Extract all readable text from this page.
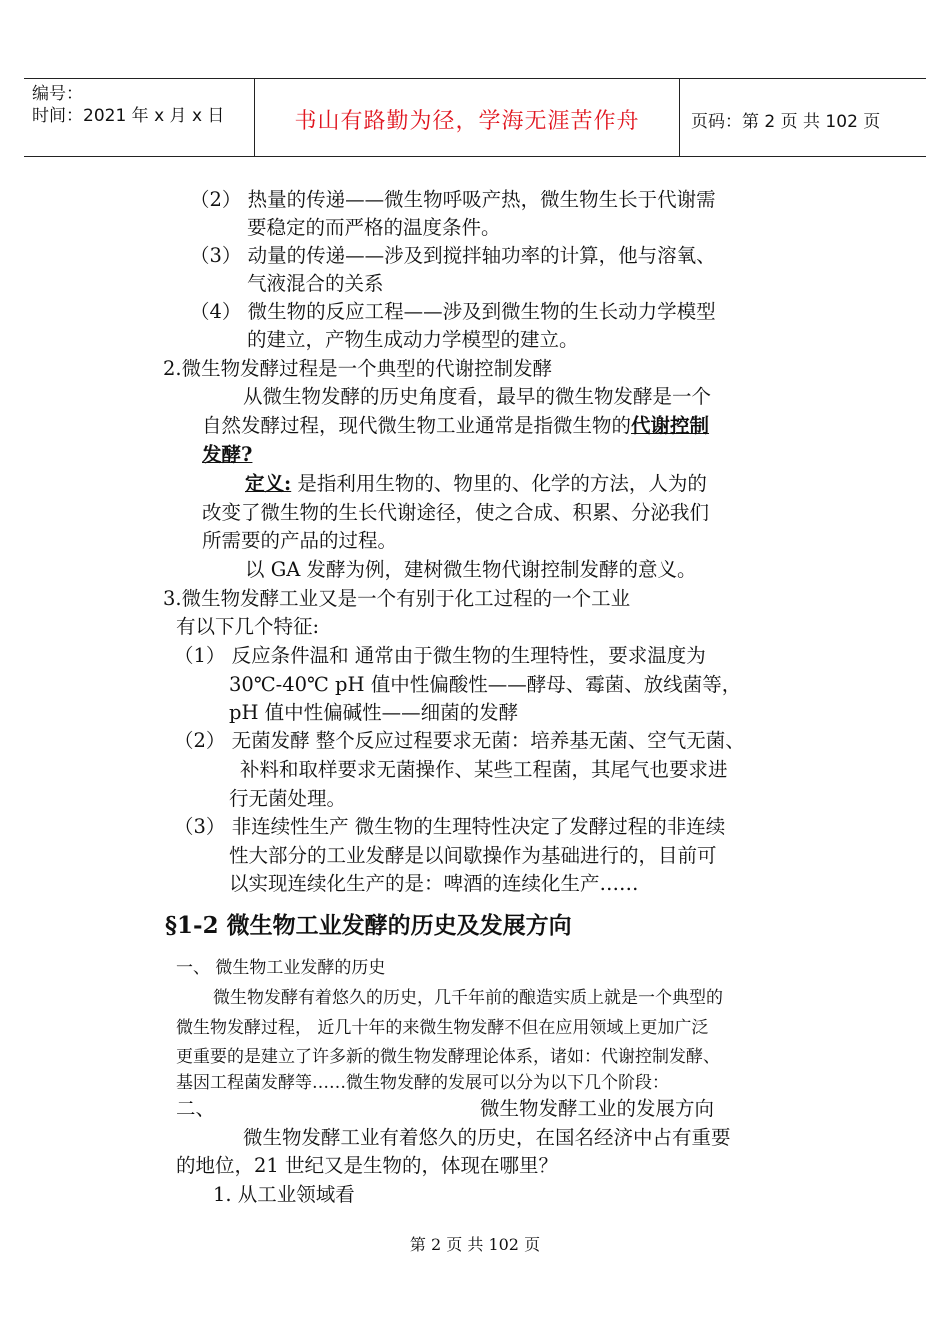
编号：
时间：2021 年 x 月 x 日	书山有路勤为径，学海无涯苦作舟	页码：第 2 页 共 102 页
（2） 热量的传递——微生物呼吸产热，微生物生长于代谢需
要稳定的而严格的温度条件。
（3） 动量的传递——涉及到搅拌轴功率的计算，他与溶氧、
气液混合的关系
（4） 微生物的反应工程——涉及到微生物的生长动力学模型
的建立，产物生成动力学模型的建立。
2.微生物发酵过程是一个典型的代谢控制发酵
从微生物发酵的历史角度看，最早的微生物发酵是一个
自然发酵过程，现代微生物工业通常是指微生物的代谢控制
发酵?
定义: 是指利用生物的、物里的、化学的方法，人为的
改变了微生物的生长代谢途径，使之合成、积累、分泌我们
所需要的产品的过程。
以 GA 发酵为例，建树微生物代谢控制发酵的意义。
3.微生物发酵工业又是一个有别于化工过程的一个工业
有以下几个特征:
（1） 反应条件温和 通常由于微生物的生理特性，要求温度为
30℃-40℃ pH 值中性偏酸性——酵母、霉菌、放线菌等，
pH 值中性偏碱性——细菌的发酵
（2） 无菌发酵 整个反应过程要求无菌：培养基无菌、空气无菌、
补料和取样要求无菌操作、某些工程菌，其尾气也要求进
行无菌处理。
（3） 非连续性生产 微生物的生理特性决定了发酵过程的非连续
性大部分的工业发酵是以间歇操作为基础进行的，目前可
以实现连续化生产的是：啤酒的连续化生产……
§1-2 微生物工业发酵的历史及发展方向
一、 微生物工业发酵的历史
微生物发酵有着悠久的历史，几千年前的酿造实质上就是一个典型的
微生物发酵过程， 近几十年的来微生物发酵不但在应用领域上更加广泛
更重要的是建立了许多新的微生物发酵理论体系，诸如：代谢控制发酵、
基因工程菌发酵等……微生物发酵的发展可以分为以下几个阶段：
二、	微生物发酵工业的发展方向
微生物发酵工业有着悠久的历史，在国名经济中占有重要
的地位，21 世纪又是生物的，体现在哪里？
1. 从工业领域看
第 2 页 共 102 页
